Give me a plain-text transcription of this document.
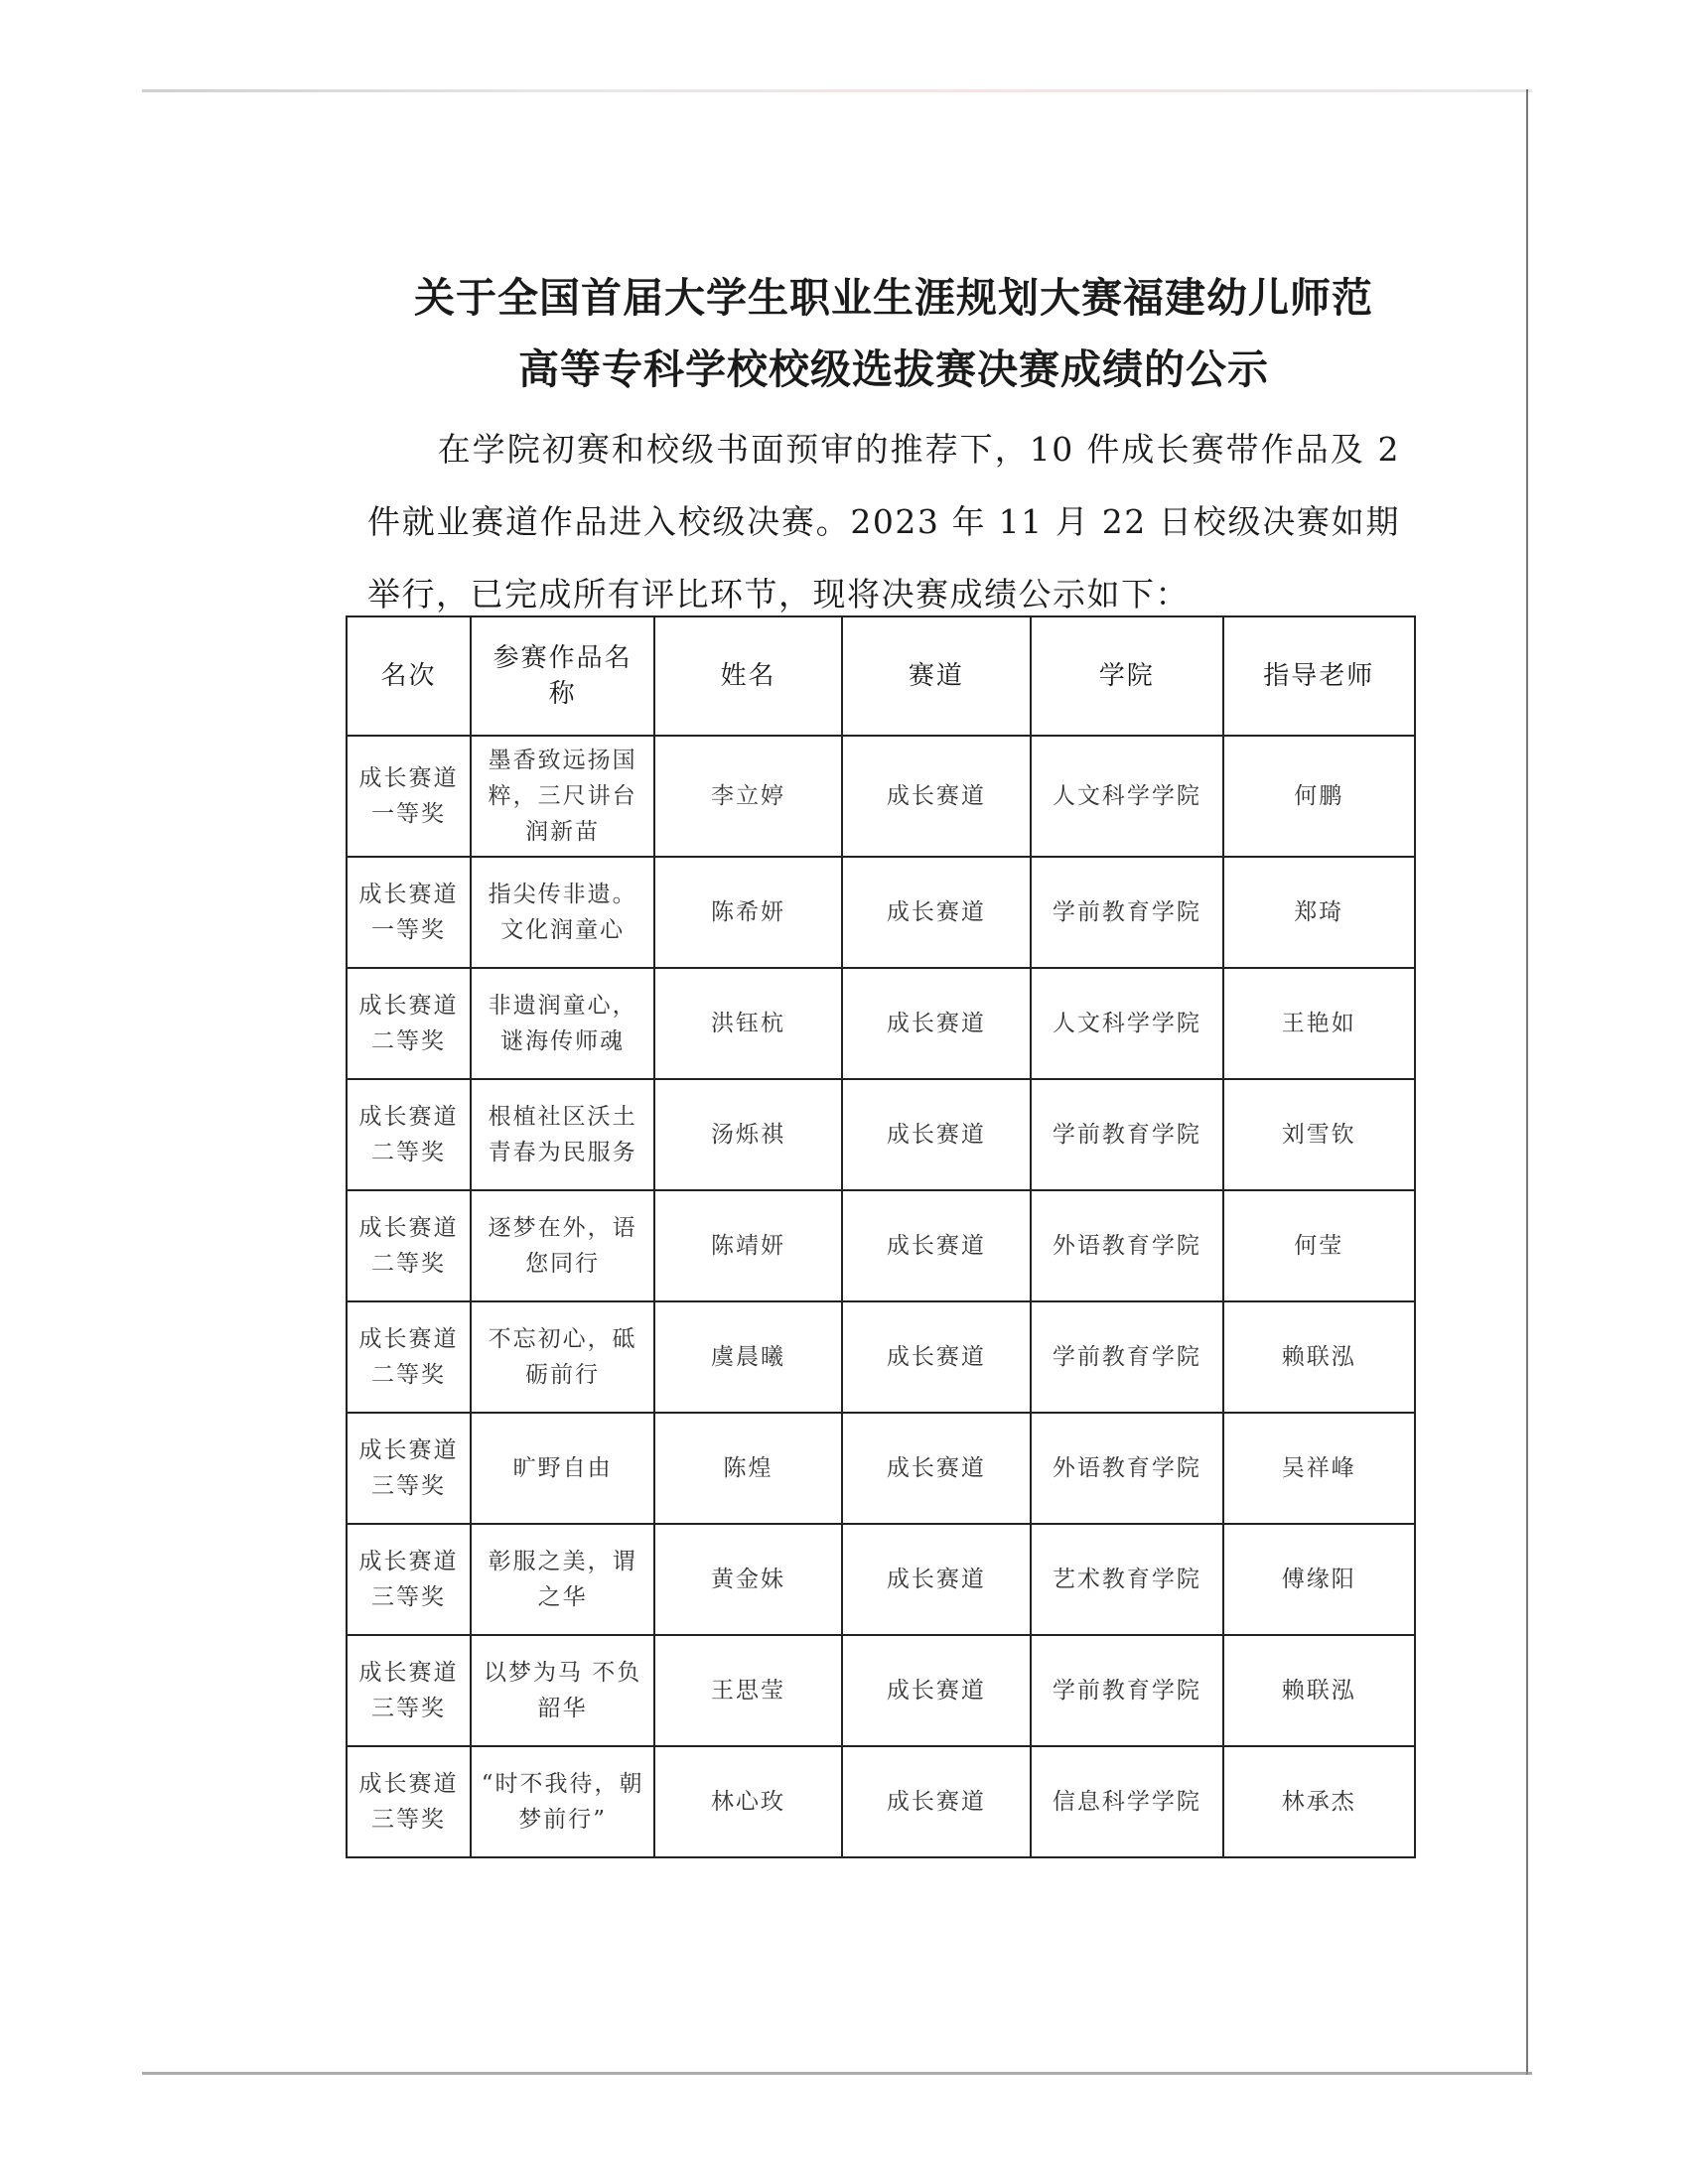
关于全国首届大学生职业生涯规划大赛福建幼儿师范
高等专科学校校级选拔赛决赛成绩的公示
在学院初赛和校级书面预审的推荐下，10 件成长赛带作品及 2 件就业赛道作品进入校级决赛。2023 年 11 月 22 日校级决赛如期举行，已完成所有评比环节，现将决赛成绩公示如下：
名次	参赛作品名称	姓名	赛道	学院	指导老师
成长赛道一等奖	墨香致远扬国粹，三尺讲台润新苗	李立婷	成长赛道	人文科学学院	何鹏
成长赛道一等奖	指尖传非遗。文化润童心	陈希妍	成长赛道	学前教育学院	郑琦
成长赛道二等奖	非遗润童心，谜海传师魂	洪钰杭	成长赛道	人文科学学院	王艳如
成长赛道二等奖	根植社区沃土青春为民服务	汤烁祺	成长赛道	学前教育学院	刘雪钦
成长赛道二等奖	逐梦在外，语您同行	陈靖妍	成长赛道	外语教育学院	何莹
成长赛道二等奖	不忘初心，砥砺前行	虞晨曦	成长赛道	学前教育学院	赖联泓
成长赛道三等奖	旷野自由	陈煌	成长赛道	外语教育学院	吴祥峰
成长赛道三等奖	彰服之美，谓之华	黄金妹	成长赛道	艺术教育学院	傅缘阳
成长赛道三等奖	以梦为马 不负韶华	王思莹	成长赛道	学前教育学院	赖联泓
成长赛道三等奖	“时不我待，朝梦前行”	林心玫	成长赛道	信息科学学院	林承杰
